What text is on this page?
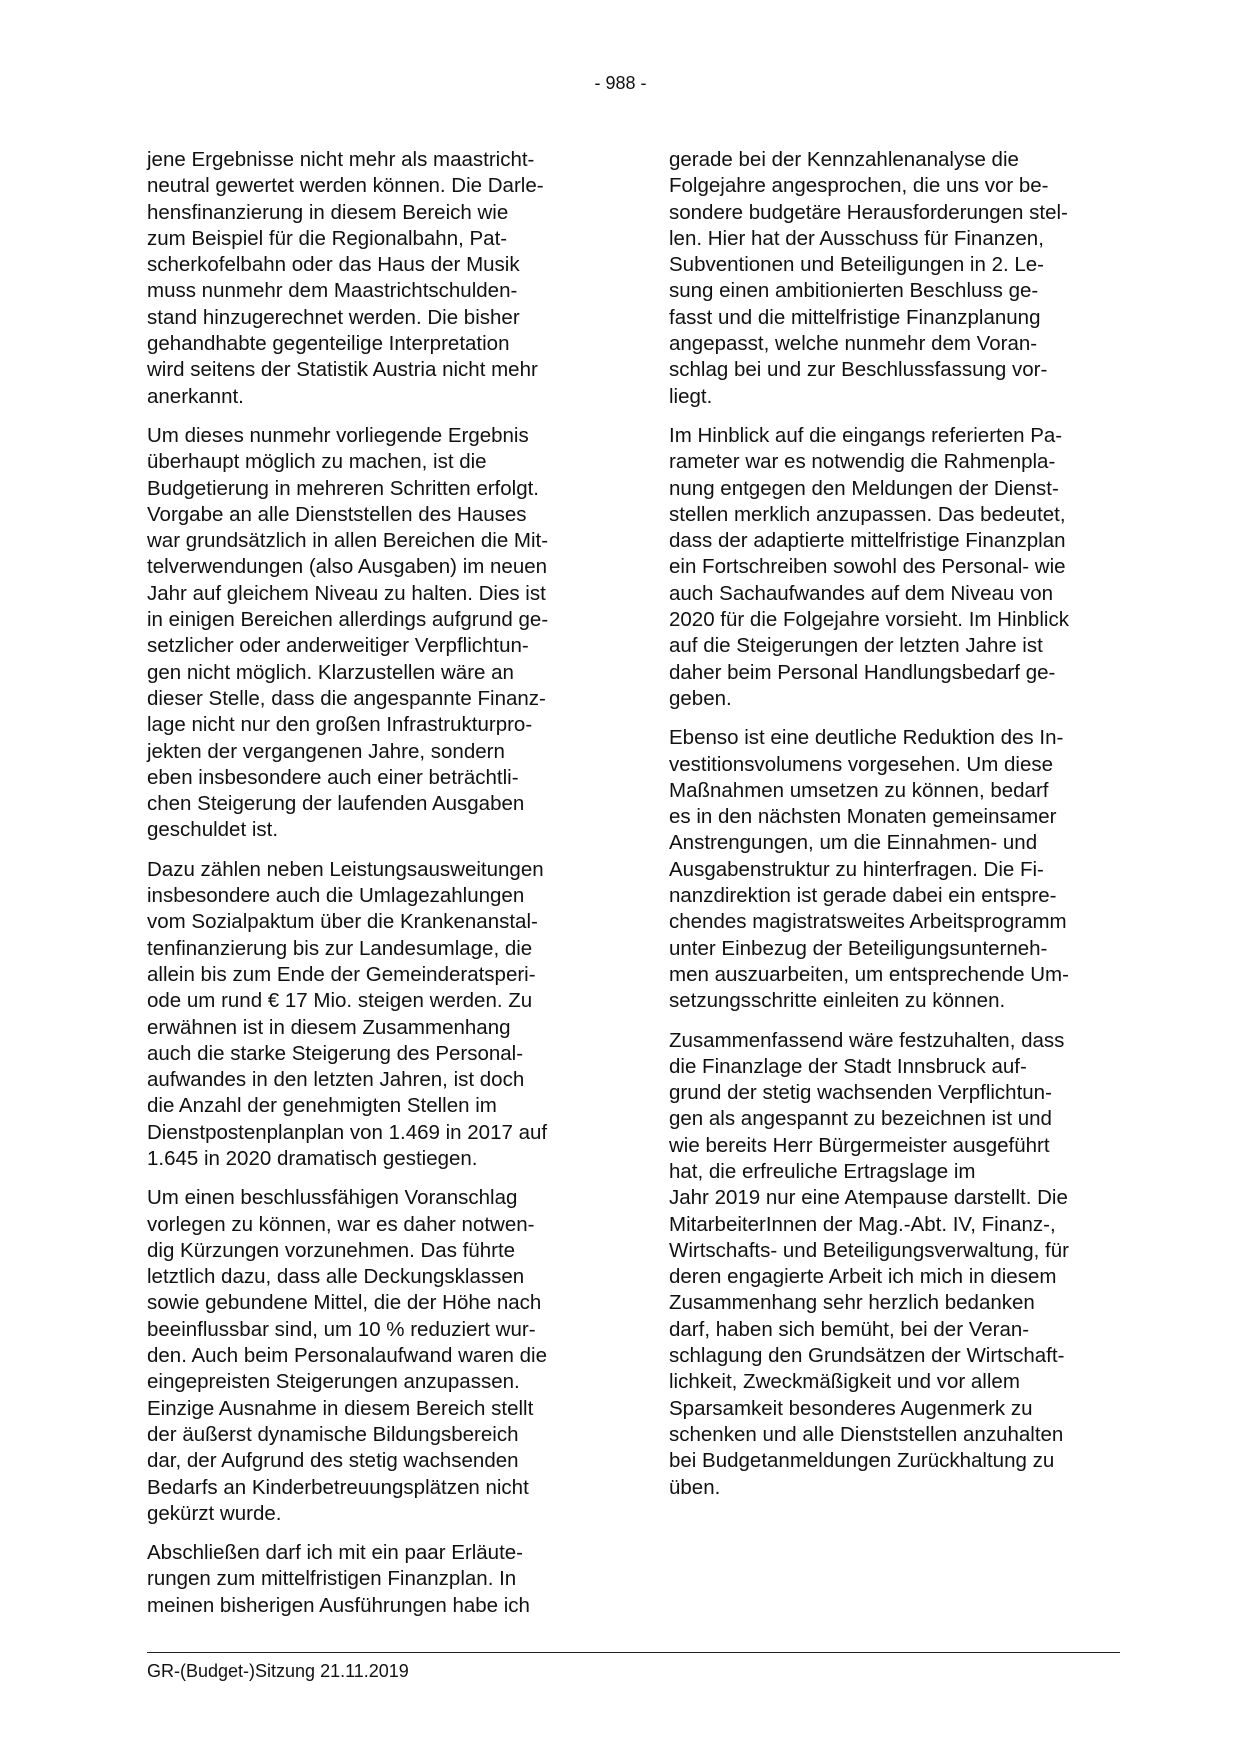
- 988 -
jene Ergebnisse nicht mehr als maastricht-
neutral gewertet werden können. Die Darle-
hensfinanzierung in diesem Bereich wie
zum Beispiel für die Regionalbahn, Pat-
scherkofelbahn oder das Haus der Musik
muss nunmehr dem Maastrichtschulden-
stand hinzugerechnet werden. Die bisher
gehandhabte gegenteilige Interpretation
wird seitens der Statistik Austria nicht mehr
anerkannt.
Um dieses nunmehr vorliegende Ergebnis
überhaupt möglich zu machen, ist die
Budgetierung in mehreren Schritten erfolgt.
Vorgabe an alle Dienststellen des Hauses
war grundsätzlich in allen Bereichen die Mit-
telverwendungen (also Ausgaben) im neuen
Jahr auf gleichem Niveau zu halten. Dies ist
in einigen Bereichen allerdings aufgrund ge-
setzlicher oder anderweitiger Verpflichtun-
gen nicht möglich. Klarzustellen wäre an
dieser Stelle, dass die angespannte Finanz-
lage nicht nur den großen Infrastrukturpro-
jekten der vergangenen Jahre, sondern
eben insbesondere auch einer beträchtli-
chen Steigerung der laufenden Ausgaben
geschuldet ist.
Dazu zählen neben Leistungsausweitungen
insbesondere auch die Umlagezahlungen
vom Sozialpaktum über die Krankenanstal-
tenfinanzierung bis zur Landesumlage, die
allein bis zum Ende der Gemeinderatsperi-
ode um rund € 17 Mio. steigen werden. Zu
erwähnen ist in diesem Zusammenhang
auch die starke Steigerung des Personal-
aufwandes in den letzten Jahren, ist doch
die Anzahl der genehmigten Stellen im
Dienstpostenplanplan von 1.469 in 2017 auf
1.645 in 2020 dramatisch gestiegen.
Um einen beschlussfähigen Voranschlag
vorlegen zu können, war es daher notwen-
dig Kürzungen vorzunehmen. Das führte
letztlich dazu, dass alle Deckungsklassen
sowie gebundene Mittel, die der Höhe nach
beeinflussbar sind, um 10 % reduziert wur-
den. Auch beim Personalaufwand waren die
eingepreisten Steigerungen anzupassen.
Einzige Ausnahme in diesem Bereich stellt
der äußerst dynamische Bildungsbereich
dar, der Aufgrund des stetig wachsenden
Bedarfs an Kinderbetreuungsplätzen nicht
gekürzt wurde.
Abschließen darf ich mit ein paar Erläute-
rungen zum mittelfristigen Finanzplan. In
meinen bisherigen Ausführungen habe ich
gerade bei der Kennzahlenanalyse die
Folgejahre angesprochen, die uns vor be-
sondere budgetäre Herausforderungen stel-
len. Hier hat der Ausschuss für Finanzen,
Subventionen und Beteiligungen in 2. Le-
sung einen ambitionierten Beschluss ge-
fasst und die mittelfristige Finanzplanung
angepasst, welche nunmehr dem Voran-
schlag bei und zur Beschlussfassung vor-
liegt.
Im Hinblick auf die eingangs referierten Pa-
rameter war es notwendig die Rahmenpla-
nung entgegen den Meldungen der Dienst-
stellen merklich anzupassen. Das bedeutet,
dass der adaptierte mittelfristige Finanzplan
ein Fortschreiben sowohl des Personal- wie
auch Sachaufwandes auf dem Niveau von
2020 für die Folgejahre vorsieht. Im Hinblick
auf die Steigerungen der letzten Jahre ist
daher beim Personal Handlungsbedarf ge-
geben.
Ebenso ist eine deutliche Reduktion des In-
vestitionsvolumens vorgesehen. Um diese
Maßnahmen umsetzen zu können, bedarf
es in den nächsten Monaten gemeinsamer
Anstrengungen, um die Einnahmen- und
Ausgabenstruktur zu hinterfragen. Die Fi-
nanzdirektion ist gerade dabei ein entspre-
chendes magistratsweites Arbeitsprogramm
unter Einbezug der Beteiligungsunterneh-
men auszuarbeiten, um entsprechende Um-
setzungsschritte einleiten zu können.
Zusammenfassend wäre festzuhalten, dass
die Finanzlage der Stadt Innsbruck auf-
grund der stetig wachsenden Verpflichtun-
gen als angespannt zu bezeichnen ist und
wie bereits Herr Bürgermeister ausgeführt
hat, die erfreuliche Ertragslage im
Jahr 2019 nur eine Atempause darstellt. Die
MitarbeiterInnen der Mag.-Abt. IV, Finanz-,
Wirtschafts- und Beteiligungsverwaltung, für
deren engagierte Arbeit ich mich in diesem
Zusammenhang sehr herzlich bedanken
darf, haben sich bemüht, bei der Veran-
schlagung den Grundsätzen der Wirtschaft-
lichkeit, Zweckmäßigkeit und vor allem
Sparsamkeit besonderes Augenmerk zu
schenken und alle Dienststellen anzuhalten
bei Budgetanmeldungen Zurückhaltung zu
üben.
GR-(Budget-)Sitzung 21.11.2019
